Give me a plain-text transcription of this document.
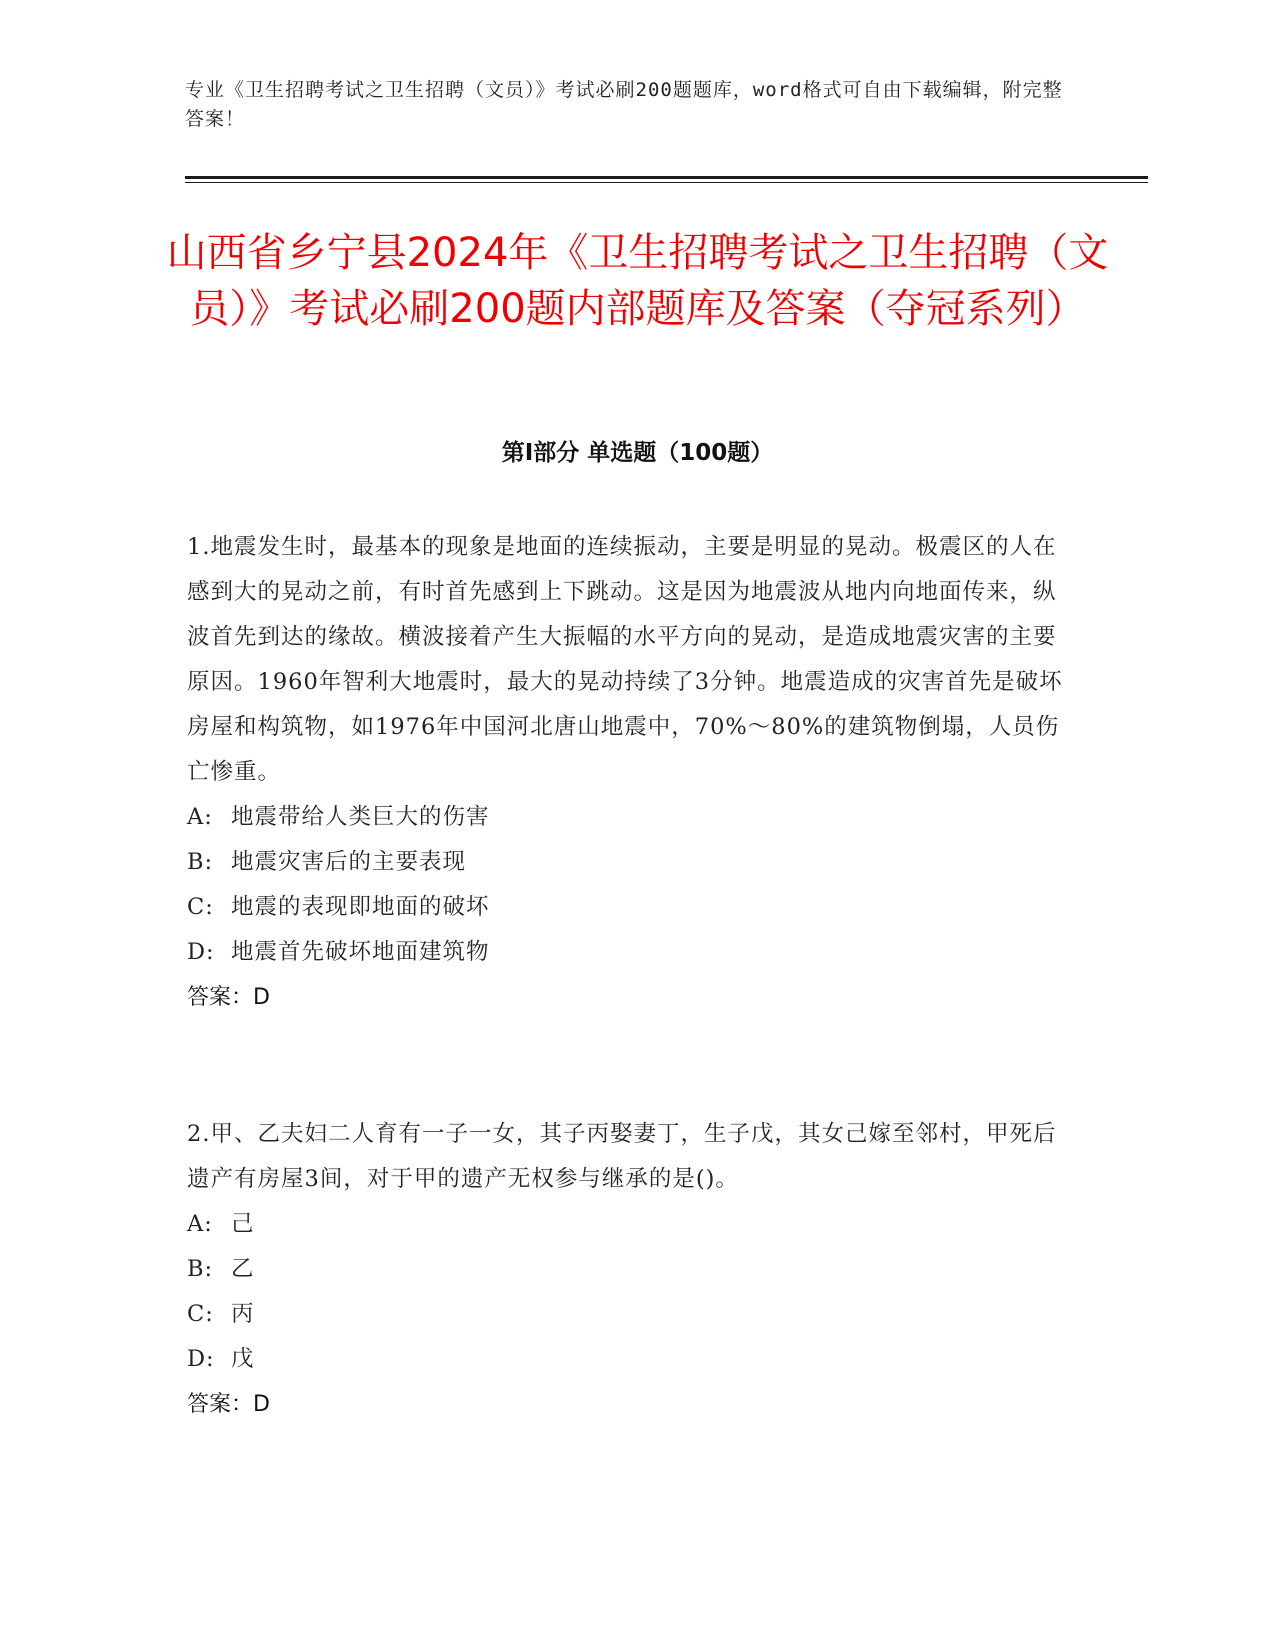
专业《卫生招聘考试之卫生招聘（文员）》考试必刷200题题库，word格式可自由下载编辑，附完整答案！
山西省乡宁县2024年《卫生招聘考试之卫生招聘（文员）》考试必刷200题内部题库及答案（夺冠系列）
第Ⅰ部分 单选题（100题）

1.地震发生时，最基本的现象是地面的连续振动，主要是明显的晃动。极震区的人在感到大的晃动之前，有时首先感到上下跳动。这是因为地震波从地内向地面传来，纵波首先到达的缘故。横波接着产生大振幅的水平方向的晃动，是造成地震灾害的主要原因。1960年智利大地震时，最大的晃动持续了3分钟。地震造成的灾害首先是破坏房屋和构筑物，如1976年中国河北唐山地震中，70%～80%的建筑物倒塌，人员伤亡惨重。

A: 地震带给人类巨大的伤害
B: 地震灾害后的主要表现
C: 地震的表现即地面的破坏
D: 地震首先破坏地面建筑物

答案：D

2.甲、乙夫妇二人育有一子一女，其子丙娶妻丁，生子戊，其女己嫁至邻村，甲死后遗产有房屋3间，对于甲的遗产无权参与继承的是()。

A: 己
B: 乙
C: 丙
D: 戊

答案：D
